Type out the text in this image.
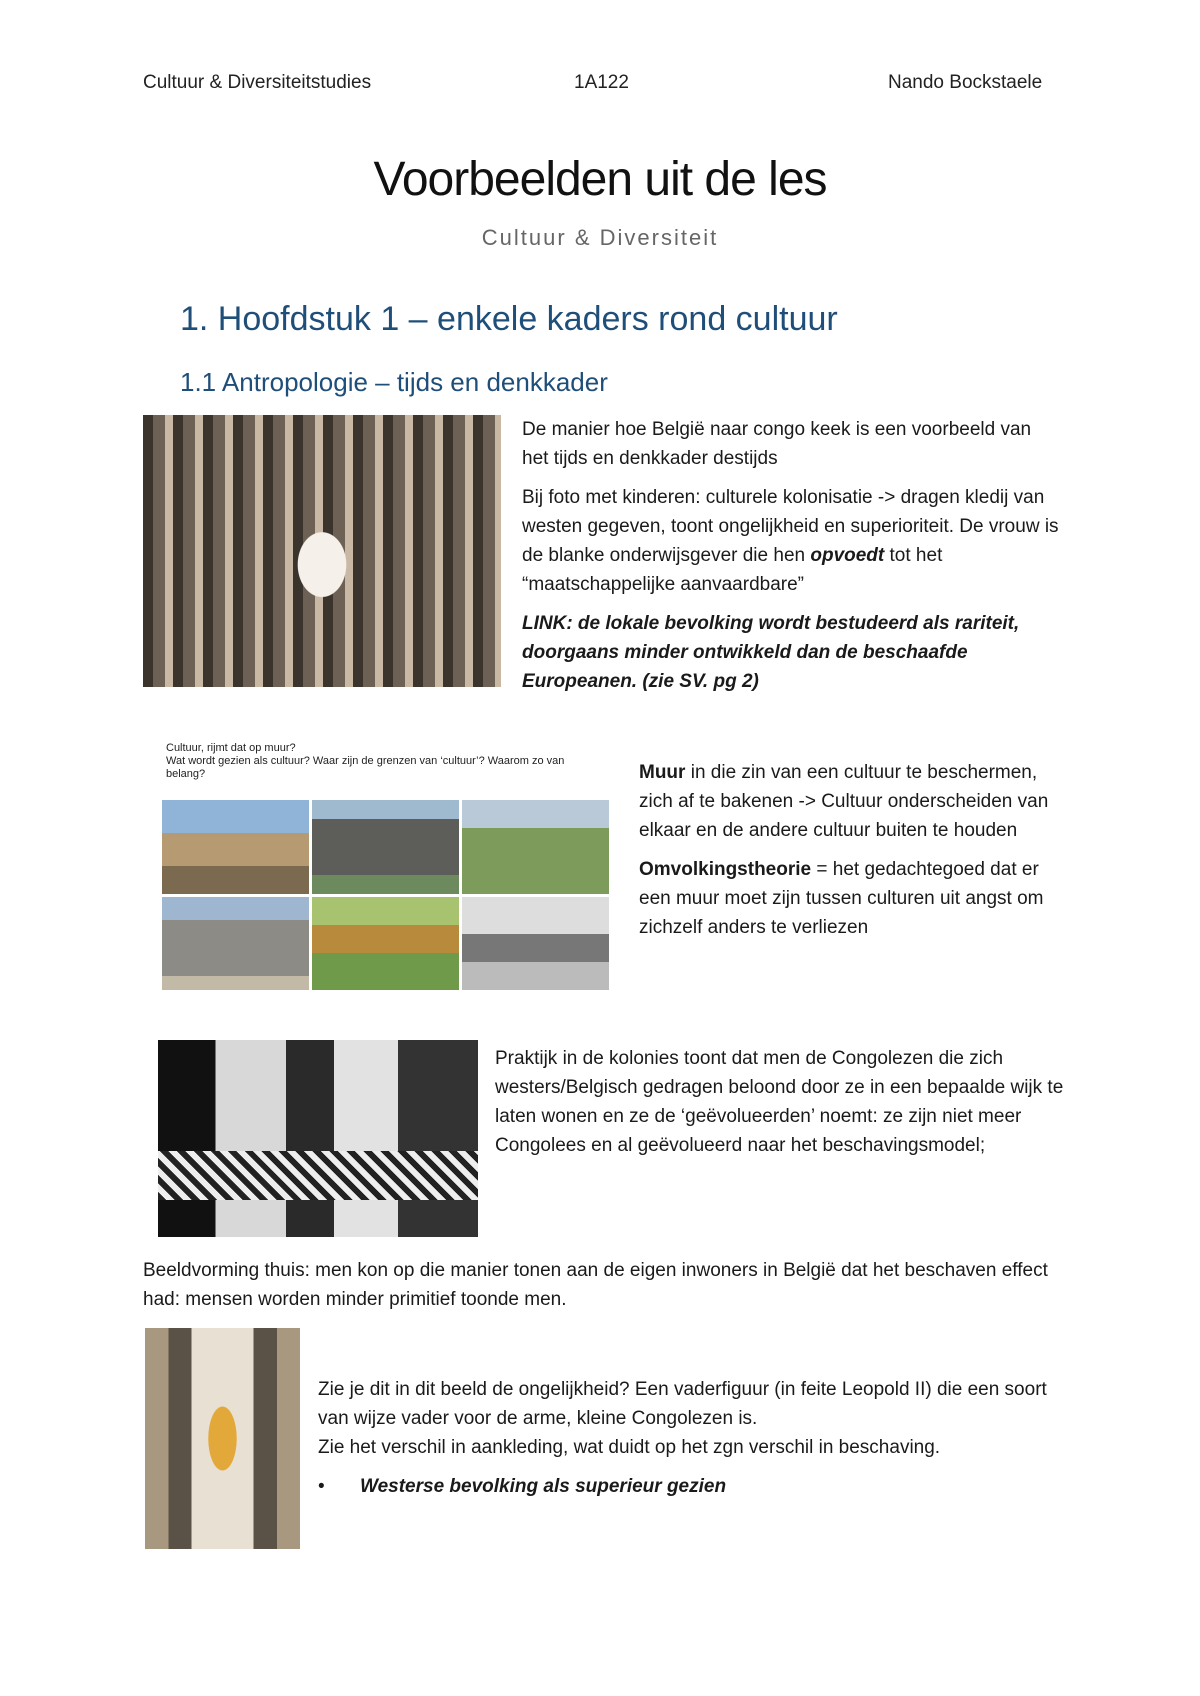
Cultuur & Diversiteitstudies	1A122	Nando Bockstaele
Voorbeelden uit de les
Cultuur & Diversiteit
1. Hoofdstuk 1 – enkele kaders rond cultuur
1.1 Antropologie – tijds en denkkader

De manier hoe België naar congo keek is een voorbeeld van het tijds en denkkader destijds

Bij foto met kinderen: culturele kolonisatie -> dragen kledij van westen gegeven, toont ongelijkheid en superioriteit. De vrouw is de blanke onderwijsgever die hen opvoedt tot het “maatschappelijke aanvaardbare”

LINK: de lokale bevolking wordt bestudeerd als rariteit, doorgaans minder ontwikkeld dan de beschaafde Europeanen. (zie SV. pg 2)

Cultuur, rijmt dat op muur?
Wat wordt gezien als cultuur? Waar zijn de grenzen van ‘cultuur’? Waarom zo van belang?	Muur in die zin van een cultuur te beschermen, zich af te bakenen -> Cultuur onderscheiden van elkaar en de andere cultuur buiten te houden

Omvolkingstheorie = het gedachtegoed dat er een muur moet zijn tussen culturen uit angst om zichzelf anders te verliezen

Praktijk in de kolonies toont dat men de Congolezen die zich westers/Belgisch gedragen beloond door ze in een bepaalde wijk te laten wonen en ze de ‘geëvolueerden’ noemt: ze zijn niet meer Congolees en al geëvolueerd naar het beschavingsmodel;

Beeldvorming thuis: men kon op die manier tonen aan de eigen inwoners in België dat het beschaven effect had: mensen worden minder primitief toonde men.

Zie je dit in dit beeld de ongelijkheid? Een vaderfiguur (in feite Leopold II) die een soort van wijze vader voor de arme, kleine Congolezen is.
Zie het verschil in aankleding, wat duidt op het zgn verschil in beschaving.
•	Westerse bevolking als superieur gezien
